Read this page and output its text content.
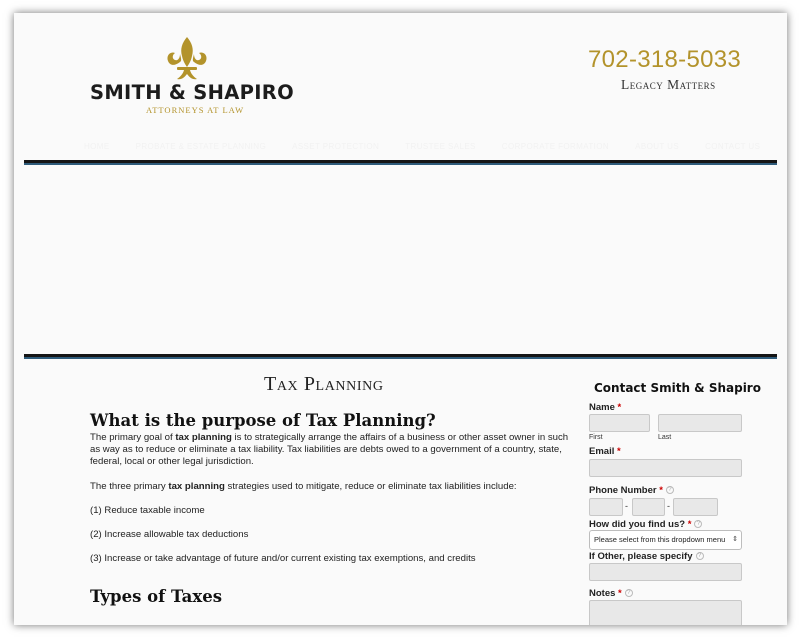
SMITH & SHAPIRO
ATTORNEYS AT LAW
702-318-5033
Legacy Matters
HOME	PROBATE & ESTATE PLANNING	ASSET PROTECTION	TRUSTEE SALES	CORPORATE FORMATION	ABOUT US	CONTACT US
Tax Planning
What is the purpose of Tax Planning?

The primary goal of tax planning is to strategically arrange the affairs of a business or other asset owner in such as way as to reduce or eliminate a tax liability. Tax liabilities are debts owed to a government of a country, state, federal, local or other legal jurisdiction.

The three primary tax planning strategies used to mitigate, reduce or eliminate tax liabilities include:

(1) Reduce taxable income

(2) Increase allowable tax deductions

(3) Increase or take advantage of future and/or current existing tax exemptions, and credits

Types of Taxes
Contact Smith & Shapiro
Name *
First	Last
Email *
Phone Number * ?
-	-
How did you find us? * ?
Please select from this dropdown menu ⇕
If Other, please specify ?
Notes * ?
